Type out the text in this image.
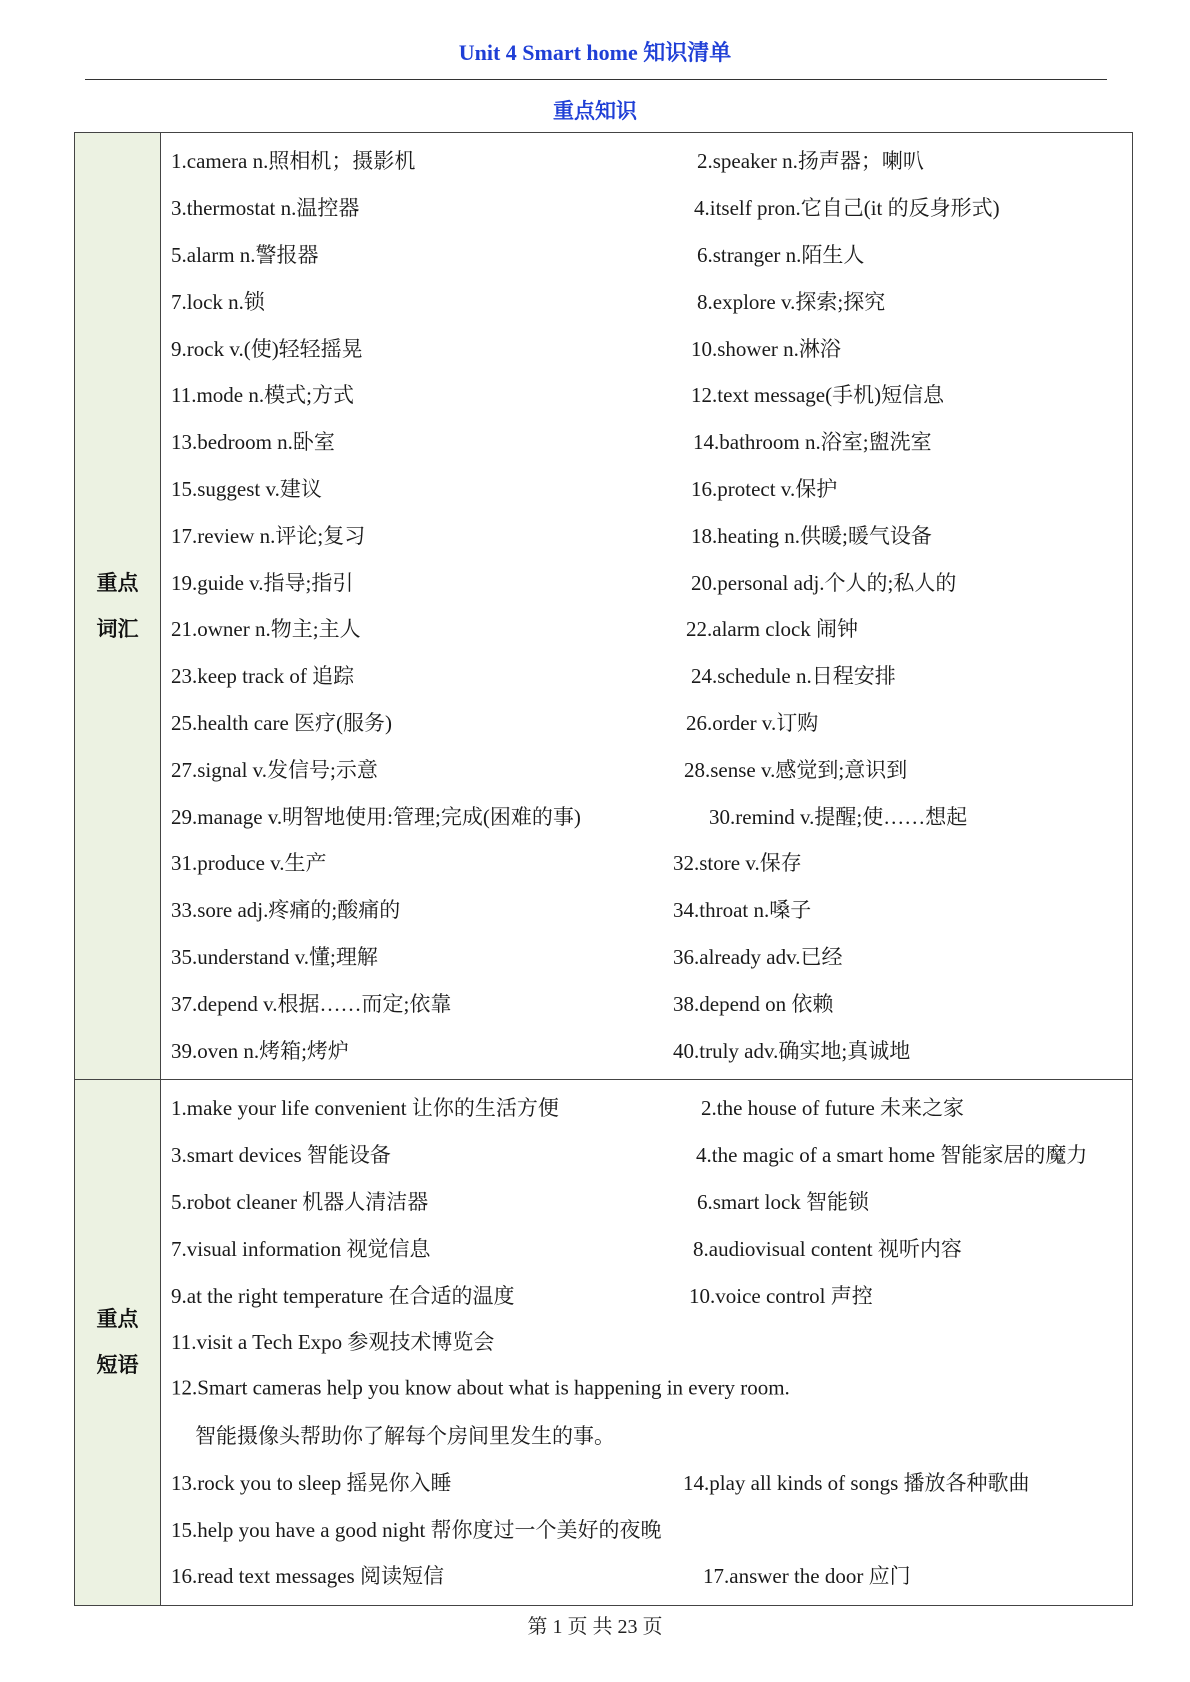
Unit 4 Smart home 知识清单
重点知识
重点词汇
1.camera n.照相机；摄影机	2.speaker n.扬声器；喇叭
3.thermostat n.温控器	4.itself pron.它自己(it 的反身形式)
5.alarm n.警报器	6.stranger n.陌生人
7.lock n.锁	8.explore v.探索;探究
9.rock v.(使)轻轻摇晃	10.shower n.淋浴
11.mode n.模式;方式	12.text message(手机)短信息
13.bedroom n.卧室	14.bathroom n.浴室;盥洗室
15.suggest v.建议	16.protect v.保护
17.review n.评论;复习	18.heating n.供暖;暖气设备
19.guide v.指导;指引	20.personal adj.个人的;私人的
21.owner n.物主;主人	22.alarm clock 闹钟
23.keep track of 追踪	24.schedule n.日程安排
25.health care 医疗(服务)	26.order v.订购
27.signal v.发信号;示意	28.sense v.感觉到;意识到
29.manage v.明智地使用:管理;完成(困难的事)	30.remind v.提醒;使……想起
31.produce v.生产	32.store v.保存
33.sore adj.疼痛的;酸痛的	34.throat n.嗓子
35.understand v.懂;理解	36.already adv.已经
37.depend v.根据……而定;依靠	38.depend on 依赖
39.oven n.烤箱;烤炉	40.truly adv.确实地;真诚地
重点短语
1.make your life convenient 让你的生活方便	2.the house of future 未来之家
3.smart devices 智能设备	4.the magic of a smart home 智能家居的魔力
5.robot cleaner 机器人清洁器	6.smart lock 智能锁
7.visual information 视觉信息	8.audiovisual content 视听内容
9.at the right temperature 在合适的温度	10.voice control 声控
11.visit a Tech Expo 参观技术博览会
12.Smart cameras help you know about what is happening in every room.
智能摄像头帮助你了解每个房间里发生的事。
13.rock you to sleep 摇晃你入睡	14.play all kinds of songs 播放各种歌曲
15.help you have a good night 帮你度过一个美好的夜晚
16.read text messages 阅读短信	17.answer the door 应门
第 1 页 共 23 页
